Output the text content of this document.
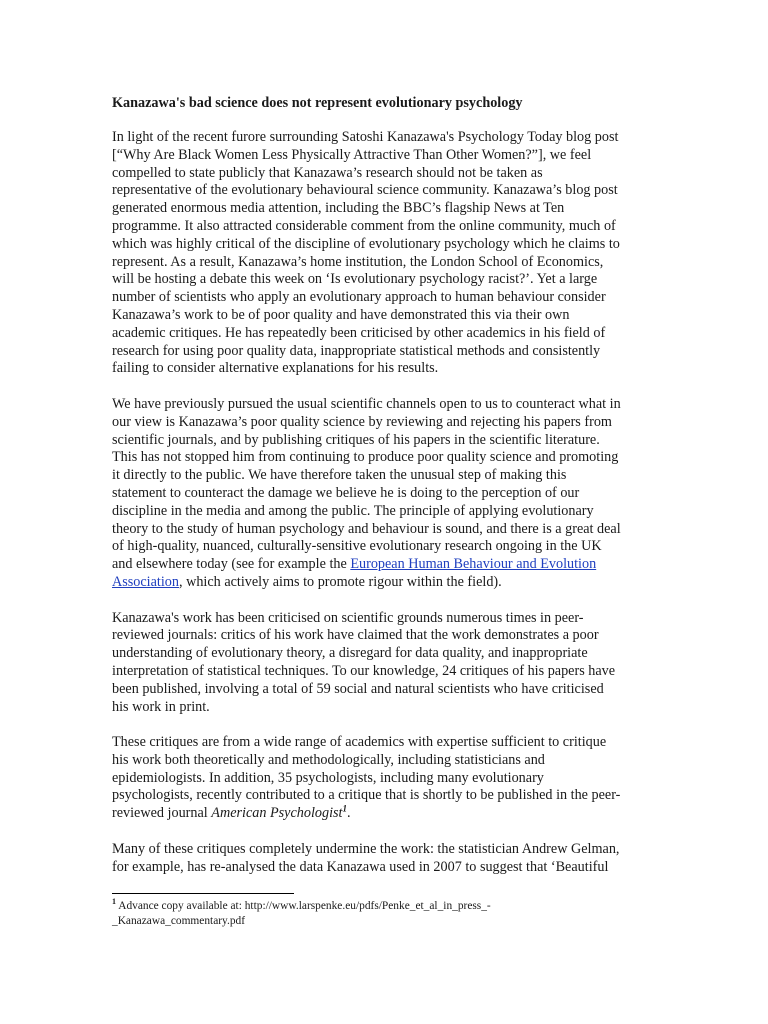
Kanazawa's bad science does not represent evolutionary psychology
In light of the recent furore surrounding Satoshi Kanazawa's Psychology Today blog post
[“Why Are Black Women Less Physically Attractive Than Other Women?”], we feel
compelled to state publicly that Kanazawa’s research should not be taken as
representative of the evolutionary behavioural science community. Kanazawa’s blog post
generated enormous media attention, including the BBC’s flagship News at Ten
programme. It also attracted considerable comment from the online community, much of
which was highly critical of the discipline of evolutionary psychology which he claims to
represent. As a result, Kanazawa’s home institution, the London School of Economics,
will be hosting a debate this week on ‘Is evolutionary psychology racist?’. Yet a large
number of scientists who apply an evolutionary approach to human behaviour consider
Kanazawa’s work to be of poor quality and have demonstrated this via their own
academic critiques. He has repeatedly been criticised by other academics in his field of
research for using poor quality data, inappropriate statistical methods and consistently
failing to consider alternative explanations for his results.
We have previously pursued the usual scientific channels open to us to counteract what in
our view is Kanazawa’s poor quality science by reviewing and rejecting his papers from
scientific journals, and by publishing critiques of his papers in the scientific literature.
This has not stopped him from continuing to produce poor quality science and promoting
it directly to the public. We have therefore taken the unusual step of making this
statement to counteract the damage we believe he is doing to the perception of our
discipline in the media and among the public. The principle of applying evolutionary
theory to the study of human psychology and behaviour is sound, and there is a great deal
of high-quality, nuanced, culturally-sensitive evolutionary research ongoing in the UK
and elsewhere today (see for example the European Human Behaviour and Evolution
Association, which actively aims to promote rigour within the field).
Kanazawa's work has been criticised on scientific grounds numerous times in peer-
reviewed journals: critics of his work have claimed that the work demonstrates a poor
understanding of evolutionary theory, a disregard for data quality, and inappropriate
interpretation of statistical techniques. To our knowledge, 24 critiques of his papers have
been published, involving a total of 59 social and natural scientists who have criticised
his work in print.
These critiques are from a wide range of academics with expertise sufficient to critique
his work both theoretically and methodologically, including statisticians and
epidemiologists. In addition, 35 psychologists, including many evolutionary
psychologists, recently contributed to a critique that is shortly to be published in the peer-
reviewed journal American Psychologist$^1$.
Many of these critiques completely undermine the work: the statistician Andrew Gelman,
for example, has re-analysed the data Kanazawa used in 2007 to suggest that ‘Beautiful
$^1$ Advance copy available at: http://www.larspenke.eu/pdfs/Penke_et_al_in_press_-
_Kanazawa_commentary.pdf
